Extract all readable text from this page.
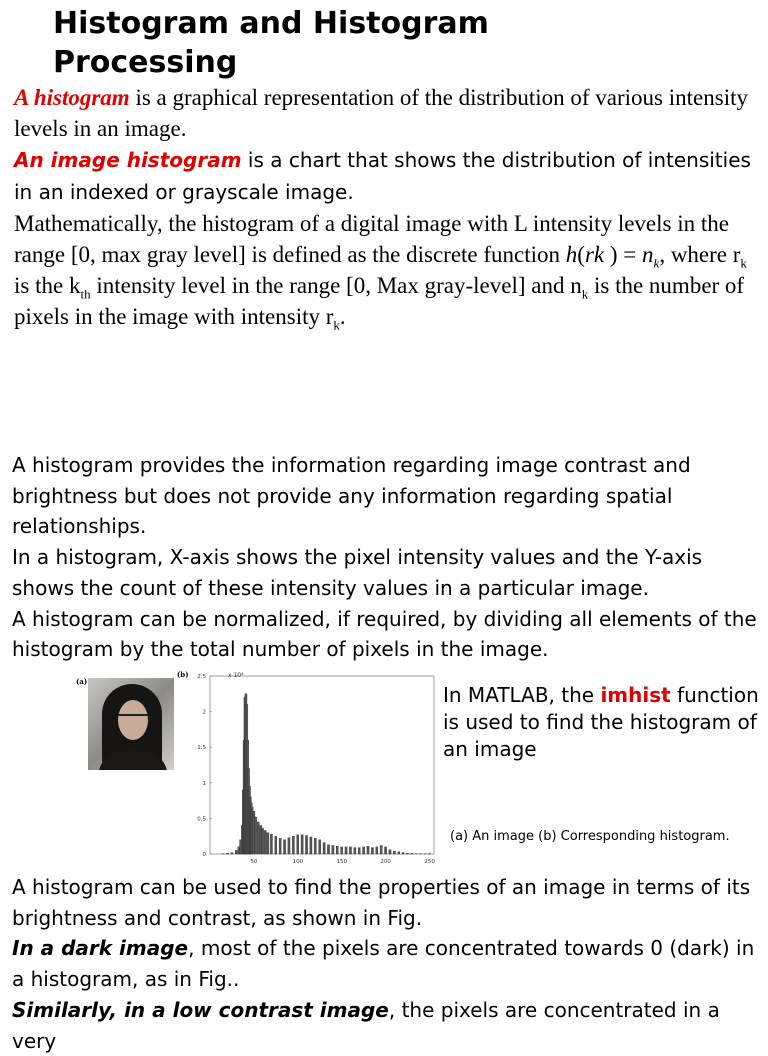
Histogram and Histogram Processing

A histogram is a graphical representation of the distribution of various intensity levels in an image.

An image histogram is a chart that shows the distribution of intensities in an indexed or grayscale image.

Mathematically, the histogram of a digital image with L intensity levels in the range [0, max gray level] is defined as the discrete function h(rk ) = $n_k$, where $r_k$ is the $k_{th}$ intensity level in the range [0, Max gray-level] and $n_k$ is the number of pixels in the image with intensity $r_k$.

A histogram provides the information regarding image contrast and brightness but does not provide any information regarding spatial relationships.

In a histogram, X-axis shows the pixel intensity values and the Y-axis shows the count of these intensity values in a particular image.

A histogram can be normalized, if required, by dividing all elements of the histogram by the total number of pixels in the image.

(a)
(b)	x 10⁴
50	100	150	200	250
0
0.5
1
1.5
2
2.5

In MATLAB, the imhist function is used to find the histogram of an image

(a) An image (b) Corresponding histogram.

A histogram can be used to find the properties of an image in terms of its brightness and contrast, as shown in Fig.

In a dark image, most of the pixels are concentrated towards 0 (dark) in a histogram, as in Fig..

Similarly, in a low contrast image, the pixels are concentrated in a very
